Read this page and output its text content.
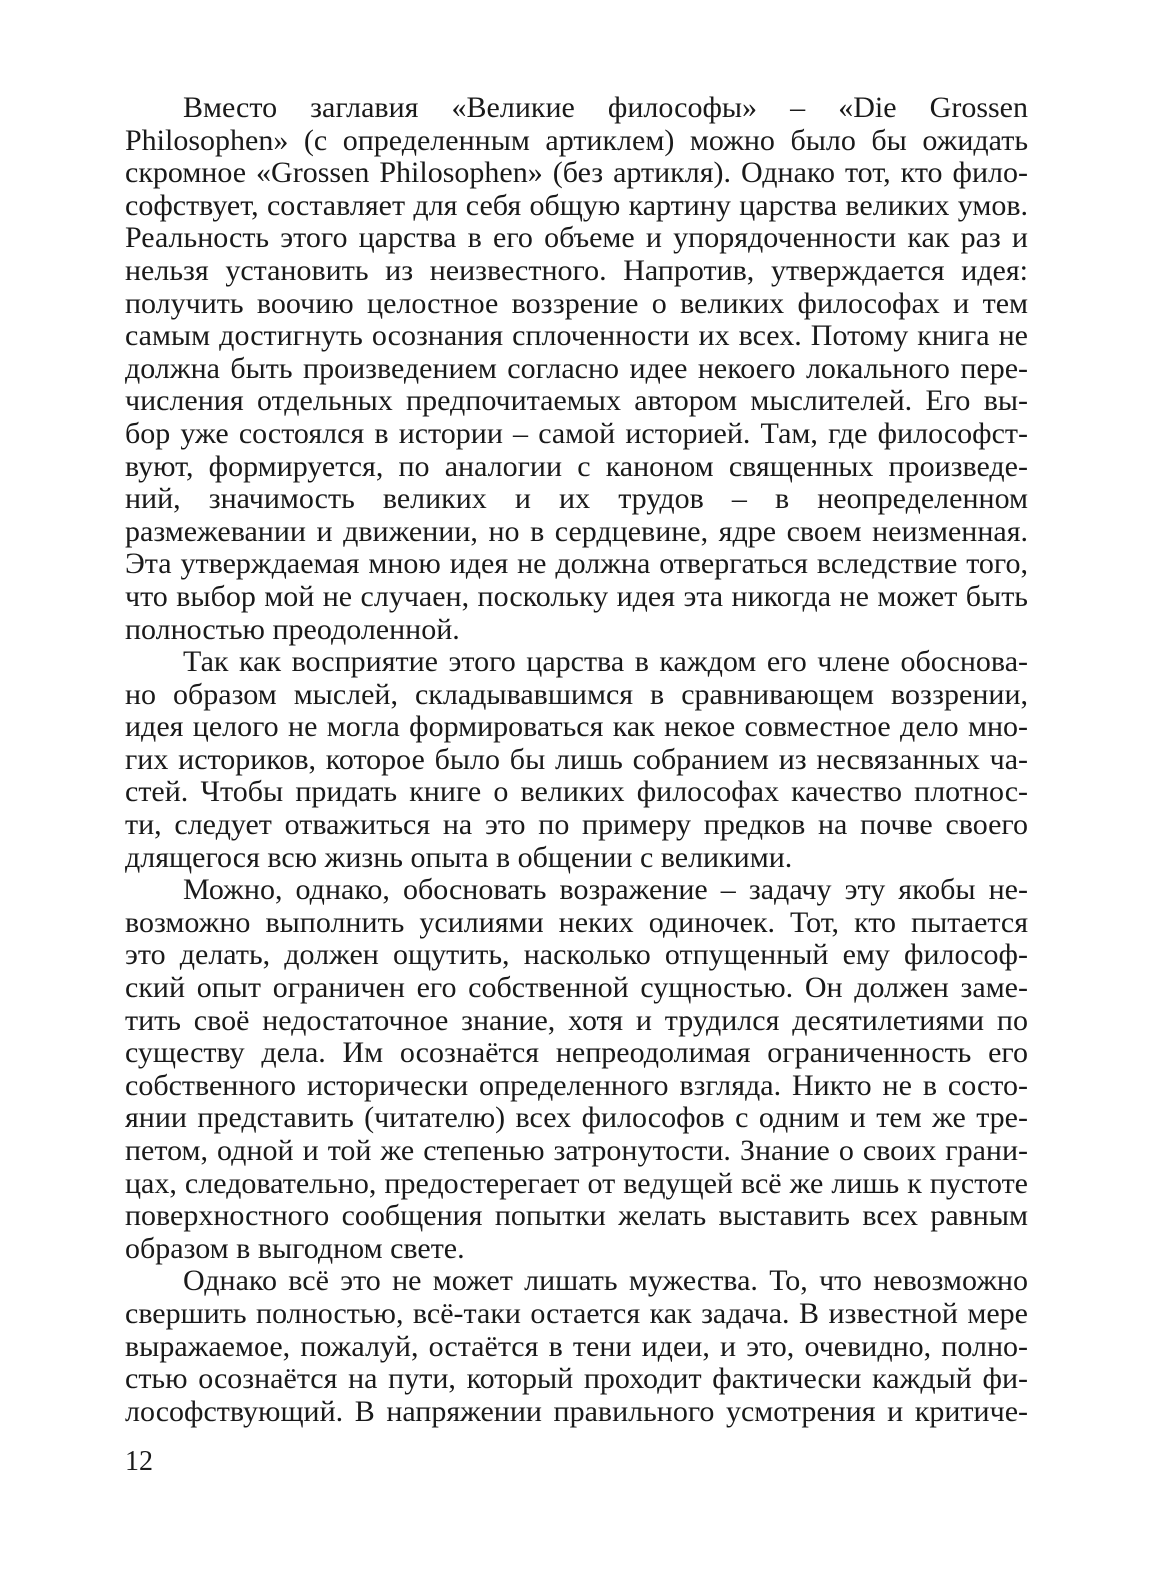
Вместо заглавия «Великие философы» – «Die Grossen
Philosophen» (с определенным артиклем) можно было бы ожидать
скромное «Grossen Philosophen» (без артикля). Однако тот, кто фило-
софствует, составляет для себя общую картину царства великих умов.
Реальность этого царства в его объеме и упорядоченности как раз и
нельзя установить из неизвестного. Напротив, утверждается идея:
получить воочию целостное воззрение о великих философах и тем
самым достигнуть осознания сплоченности их всех. Потому книга не
должна быть произведением согласно идее некоего локального пере-
числения отдельных предпочитаемых автором мыслителей. Его вы-
бор уже состоялся в истории – самой историей. Там, где философст-
вуют, формируется, по аналогии с каноном священных произведе-
ний, значимость великих и их трудов – в неопределенном
размежевании и движении, но в сердцевине, ядре своем неизменная.
Эта утверждаемая мною идея не должна отвергаться вследствие того,
что выбор мой не случаен, поскольку идея эта никогда не может быть
полностью преодоленной.
Так как восприятие этого царства в каждом его члене обоснова-
но образом мыслей, складывавшимся в сравнивающем воззрении,
идея целого не могла формироваться как некое совместное дело мно-
гих историков, которое было бы лишь собранием из несвязанных ча-
стей. Чтобы придать книге о великих философах качество плотнос-
ти, следует отважиться на это по примеру предков на почве своего
длящегося всю жизнь опыта в общении с великими.
Можно, однако, обосновать возражение – задачу эту якобы не-
возможно выполнить усилиями неких одиночек. Тот, кто пытается
это делать, должен ощутить, насколько отпущенный ему философ-
ский опыт ограничен его собственной сущностью. Он должен заме-
тить своё недостаточное знание, хотя и трудился десятилетиями по
существу дела. Им осознаётся непреодолимая ограниченность его
собственного исторически определенного взгляда. Никто не в состо-
янии представить (читателю) всех философов с одним и тем же тре-
петом, одной и той же степенью затронутости. Знание о своих грани-
цах, следовательно, предостерегает от ведущей всё же лишь к пустоте
поверхностного сообщения попытки желать выставить всех равным
образом в выгодном свете.
Однако всё это не может лишать мужества. То, что невозможно
свершить полностью, всё-таки остается как задача. В известной мере
выражаемое, пожалуй, остаётся в тени идеи, и это, очевидно, полно-
стью осознаётся на пути, который проходит фактически каждый фи-
лософствующий. В напряжении правильного усмотрения и критиче-
12
